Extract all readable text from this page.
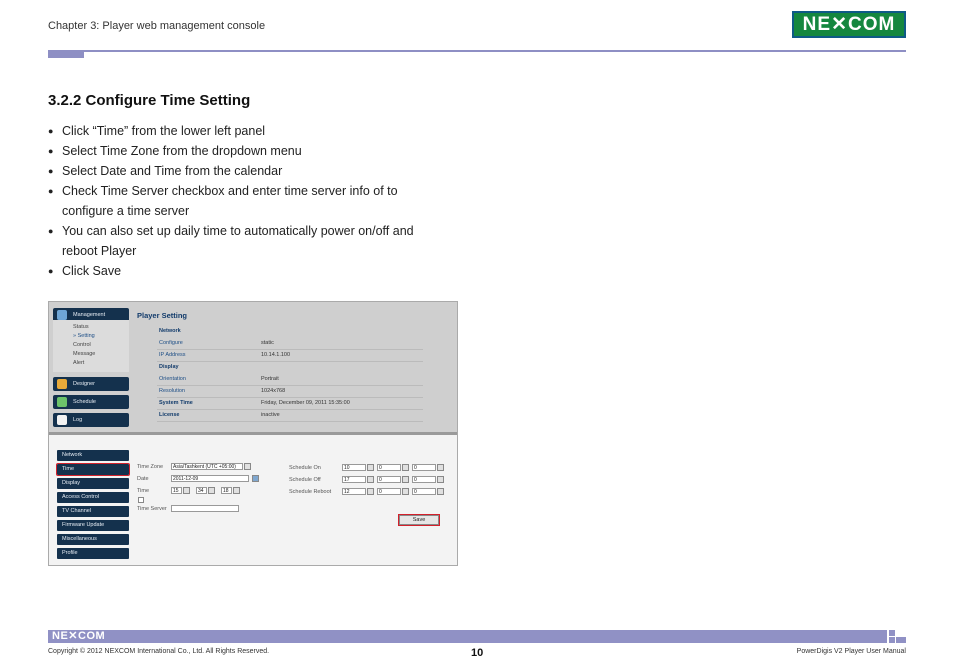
Chapter 3: Player web management console	NE✕COM
3.2.2 Configure Time Setting
● Click “Time” from the lower left panel
● Select Time Zone from the dropdown menu
● Select Date and Time from the calendar
● Check Time Server checkbox and enter time server info of to configure a time server
● You can also set up daily time to automatically power on/off and reboot Player
● Click Save
Management
Status
» Setting
Control
Message
Alert
Designer
Schedule
Log
Player Setting
Network
Configure	static
IP Address	10.14.1.100
Display
Orientation	Portrait
Resolution	1024x768
System Time	Friday, December 09, 2011 15:35:00
License	inactive
Network
Time
Display
Access Control
TV Channel
Firmware Update
Miscellaneous
Profile
Time Zone	Asia/Tashkent (UTC +05:00)
Date	2011-12-09
Time	15	34	18
Time Server
Schedule On	10	0	0
Schedule Off	17	0	0
Schedule Reboot	12	0	0
Save
NE✕COM
Copyright © 2012 NEXCOM International Co., Ltd. All Rights Reserved.	10	PowerDigis V2 Player User Manual
